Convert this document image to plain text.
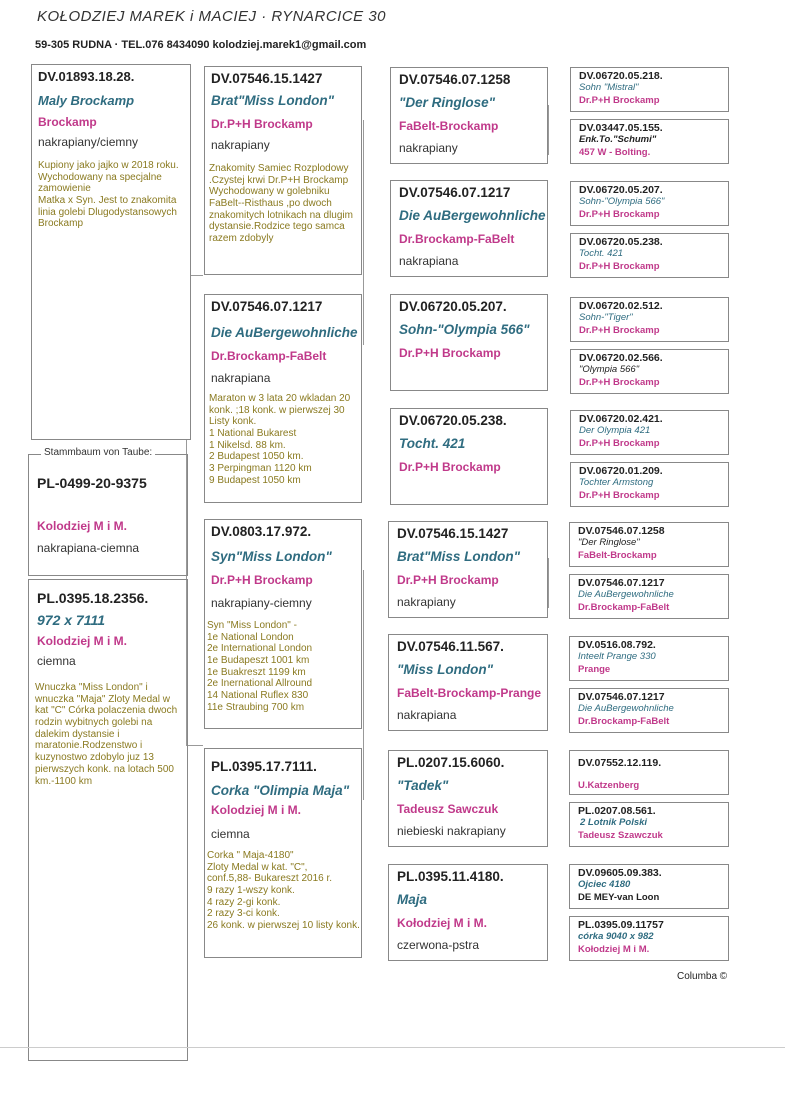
KOŁODZIEJ MAREK i MACIEJ · RYNARCICE 30
59-305 RUDNA · TEL.076 8434090 kolodziej.marek1@gmail.com
DV.01893.18.28.
Maly Brockamp
Brockamp
nakrapiany/ciemny
Kupiony jako jajko w 2018 roku.
Wychodowany na specjalne zamowienie
Matka x Syn. Jest to znakomita linia golebi Dlugodystansowych Brockamp
Stammbaum von Taube:
PL-0499-20-9375
Kolodziej M i M.
nakrapiana-ciemna
PL.0395.18.2356.
972 x 7111
Kolodziej M i M.
ciemna
Wnuczka "Miss London" i wnuczka "Maja" Zloty Medal w kat "C" Córka polaczenia dwoch rodzin wybitnych golebi na dalekim dystansie i maratonie.Rodzenstwo i kuzynostwo zdobylo juz 13 pierwszych konk. na lotach 500 km.-1100 km
DV.07546.15.1427
Brat"Miss London"
Dr.P+H Brockamp
nakrapiany
Znakomity Samiec Rozplodowy .Czystej krwi Dr.P+H Brockamp Wychodowany w golebniku FaBelt--Risthaus ,po dwoch znakomitych lotnikach na dlugim dystansie.Rodzice tego samca razem zdobyly
DV.07546.07.1217
Die AuBergewohnliche
Dr.Brockamp-FaBelt
nakrapiana
Maraton w 3 lata 20 wkladan 20 konk. ;18 konk. w pierwszej 30 Listy konk.
1 National Bukarest
1 Nikelsd. 88 km.
2 Budapest 1050 km.
3 Perpingman 1120 km
9 Budapest 1050 km
DV.0803.17.972.
Syn"Miss London"
Dr.P+H Brockamp
nakrapiany-ciemny
Syn "Miss London" -
1e National London
2e International London
1e Budapeszt 1001 km
1e Buakreszt 1199 km
2e Inernational Allround
14 National Ruflex 830
11e Straubing 700 km
PL.0395.17.7111.
Corka "Olimpia Maja"
Kolodziej M i M.
ciemna
Corka " Maja-4180"
Zloty Medal w kat. "C",
conf.5,88- Bukareszt 2016 r.
9 razy 1-wszy konk.
4 razy 2-gi konk.
2 razy 3-ci konk.
26 konk. w pierwszej 10 listy konk.
DV.07546.07.1258
"Der Ringlose"
FaBelt-Brockamp
nakrapiany
DV.07546.07.1217
Die AuBergewohnliche
Dr.Brockamp-FaBelt
nakrapiana
DV.06720.05.207.
Sohn-"Olympia 566"
Dr.P+H Brockamp
DV.06720.05.238.
Tocht. 421
Dr.P+H Brockamp
DV.07546.15.1427
Brat"Miss London"
Dr.P+H Brockamp
nakrapiany
DV.07546.11.567.
"Miss London"
FaBelt-Brockamp-Prange
nakrapiana
PL.0207.15.6060.
"Tadek"
Tadeusz Sawczuk
niebieski nakrapiany
PL.0395.11.4180.
Maja
Kołodziej M i M.
czerwona-pstra
DV.06720.05.218.
Sohn "Mistral"
Dr.P+H Brockamp
DV.03447.05.155.
Enk.To."Schumi"
457 W - Bolting.
DV.06720.05.207.
Sohn-"Olympia 566"
Dr.P+H Brockamp
DV.06720.05.238.
Tocht. 421
Dr.P+H Brockamp
DV.06720.02.512.
Sohn-"Tiger"
Dr.P+H Brockamp
DV.06720.02.566.
"Olympia 566"
Dr.P+H Brockamp
DV.06720.02.421.
Der Olympia 421
Dr.P+H Brockamp
DV.06720.01.209.
Tochter Armstong
Dr.P+H Brockamp
DV.07546.07.1258
"Der Ringlose"
FaBelt-Brockamp
DV.07546.07.1217
Die AuBergewohnliche
Dr.Brockamp-FaBelt
DV.0516.08.792.
Inteelt Prange 330
Prange
DV.07546.07.1217
Die AuBergewohnliche
Dr.Brockamp-FaBelt
DV.07552.12.119.
U.Katzenberg
PL.0207.08.561.
2 Lotnik Polski
Tadeusz Szawczuk
DV.09605.09.383.
Ojciec 4180
DE MEY-van Loon
PL.0395.09.11757
córka 9040 x 982
Kołodziej M i M.
Columba ©
